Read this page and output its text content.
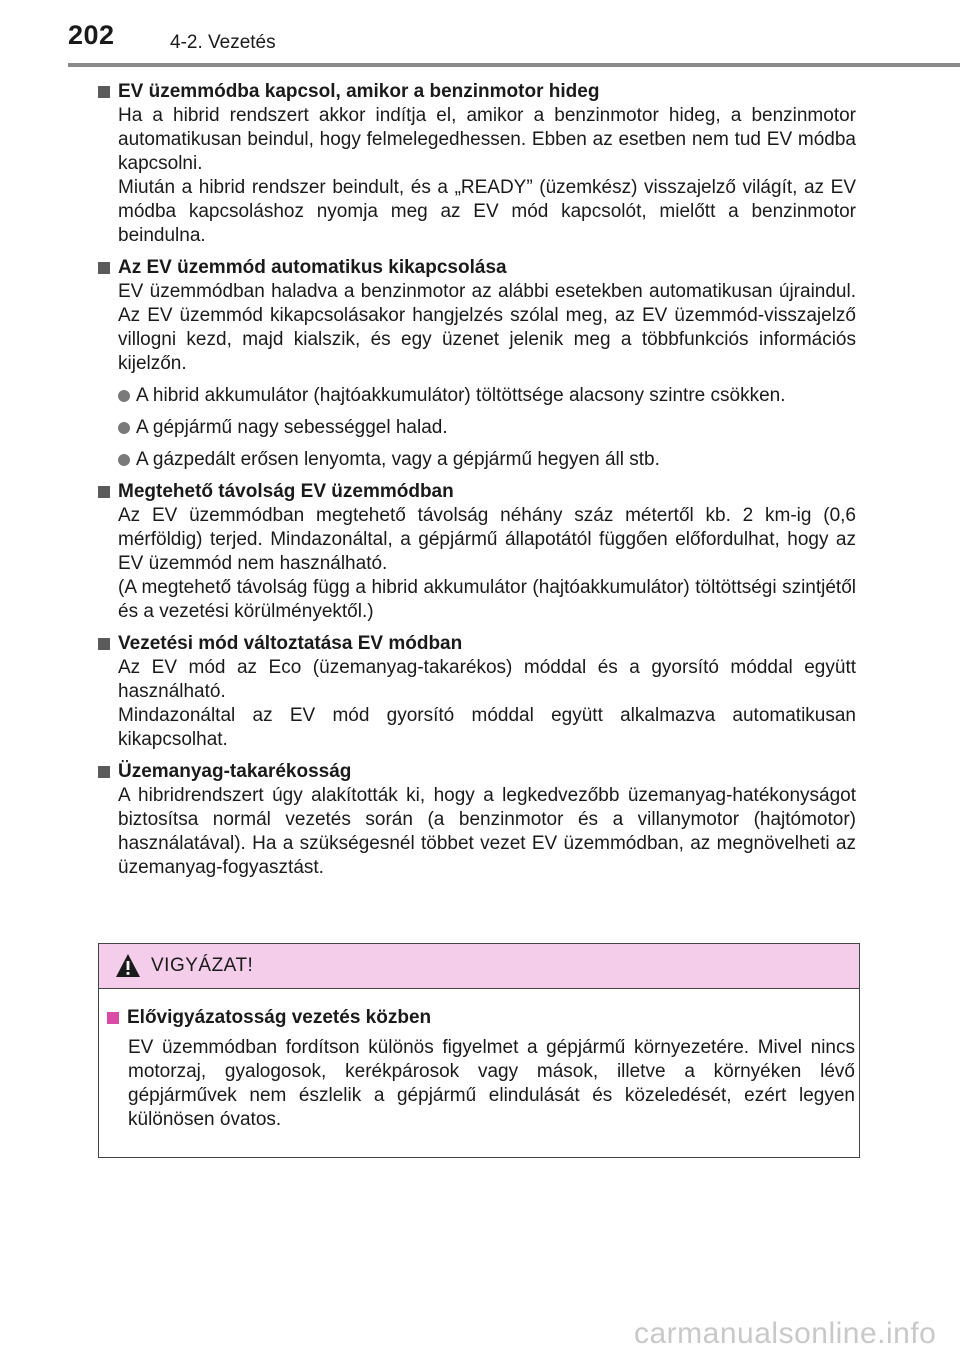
202	4-2. Vezetés
EV üzemmódba kapcsol, amikor a benzinmotor hideg

Ha a hibrid rendszert akkor indítja el, amikor a benzinmotor hideg, a benzinmotor automatikusan beindul, hogy felmelegedhessen. Ebben az esetben nem tud EV módba kapcsolni.

Miután a hibrid rendszer beindult, és a „READY” (üzemkész) visszajelző világít, az EV módba kapcsoláshoz nyomja meg az EV mód kapcsolót, mielőtt a benzinmotor beindulna.

Az EV üzemmód automatikus kikapcsolása

EV üzemmódban haladva a benzinmotor az alábbi esetekben automatikusan újraindul. Az EV üzemmód kikapcsolásakor hangjelzés szólal meg, az EV üzemmód-visszajelző villogni kezd, majd kialszik, és egy üzenet jelenik meg a többfunkciós információs kijelzőn.

A hibrid akkumulátor (hajtóakkumulátor) töltöttsége alacsony szintre csökken.
A gépjármű nagy sebességgel halad.
A gázpedált erősen lenyomta, vagy a gépjármű hegyen áll stb.
Megtehető távolság EV üzemmódban

Az EV üzemmódban megtehető távolság néhány száz métertől kb. 2 km-ig (0,6 mérföldig) terjed. Mindazonáltal, a gépjármű állapotától függően előfordulhat, hogy az EV üzemmód nem használható.

(A megtehető távolság függ a hibrid akkumulátor (hajtóakkumulátor) töltöttségi szintjétől és a vezetési körülményektől.)

Vezetési mód változtatása EV módban

Az EV mód az Eco (üzemanyag-takarékos) móddal és a gyorsító móddal együtt használható.

Mindazonáltal az EV mód gyorsító móddal együtt alkalmazva automatikusan kikapcsolhat.

Üzemanyag-takarékosság

A hibridrendszert úgy alakították ki, hogy a legkedvezőbb üzemanyag-hatékonyságot biztosítsa normál vezetés során (a benzinmotor és a villanymotor (hajtómotor) használatával). Ha a szükségesnél többet vezet EV üzemmódban, az megnövelheti az üzemanyag-fogyasztást.

VIGYÁZAT!
Elővigyázatosság vezetés közben
EV üzemmódban fordítson különös figyelmet a gépjármű környezetére. Mivel nincs motorzaj, gyalogosok, kerékpárosok vagy mások, illetve a környéken lévő gépjárművek nem észlelik a gépjármű elindulását és közeledését, ezért legyen különösen óvatos.
carmanualsonline.info
